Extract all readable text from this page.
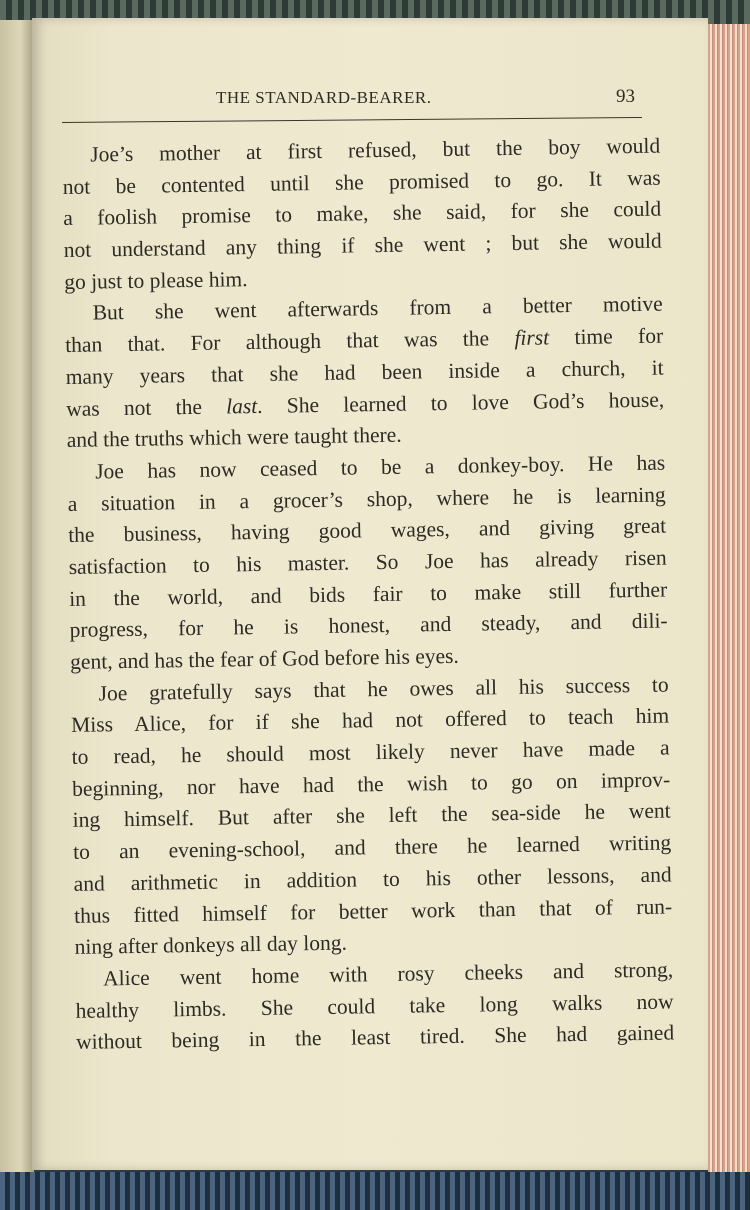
THE STANDARD-BEARER.	93
Joe’s mother at first refused, but the boy would
not be contented until she promised to go. It was
a foolish promise to make, she said, for she could
not understand any thing if she went ; but she would
go just to please him.
But she went afterwards from a better motive
than that. For although that was the first time for
many years that she had been inside a church, it
was not the last. She learned to love God’s house,
and the truths which were taught there.
Joe has now ceased to be a donkey-boy. He has
a situation in a grocer’s shop, where he is learning
the business, having good wages, and giving great
satisfaction to his master. So Joe has already risen
in the world, and bids fair to make still further
progress, for he is honest, and steady, and dili-
gent, and has the fear of God before his eyes.
Joe gratefully says that he owes all his success to
Miss Alice, for if she had not offered to teach him
to read, he should most likely never have made a
beginning, nor have had the wish to go on improv-
ing himself. But after she left the sea-side he went
to an evening-school, and there he learned writing
and arithmetic in addition to his other lessons, and
thus fitted himself for better work than that of run-
ning after donkeys all day long.
Alice went home with rosy cheeks and strong,
healthy limbs. She could take long walks now
without being in the least tired. She had gained
